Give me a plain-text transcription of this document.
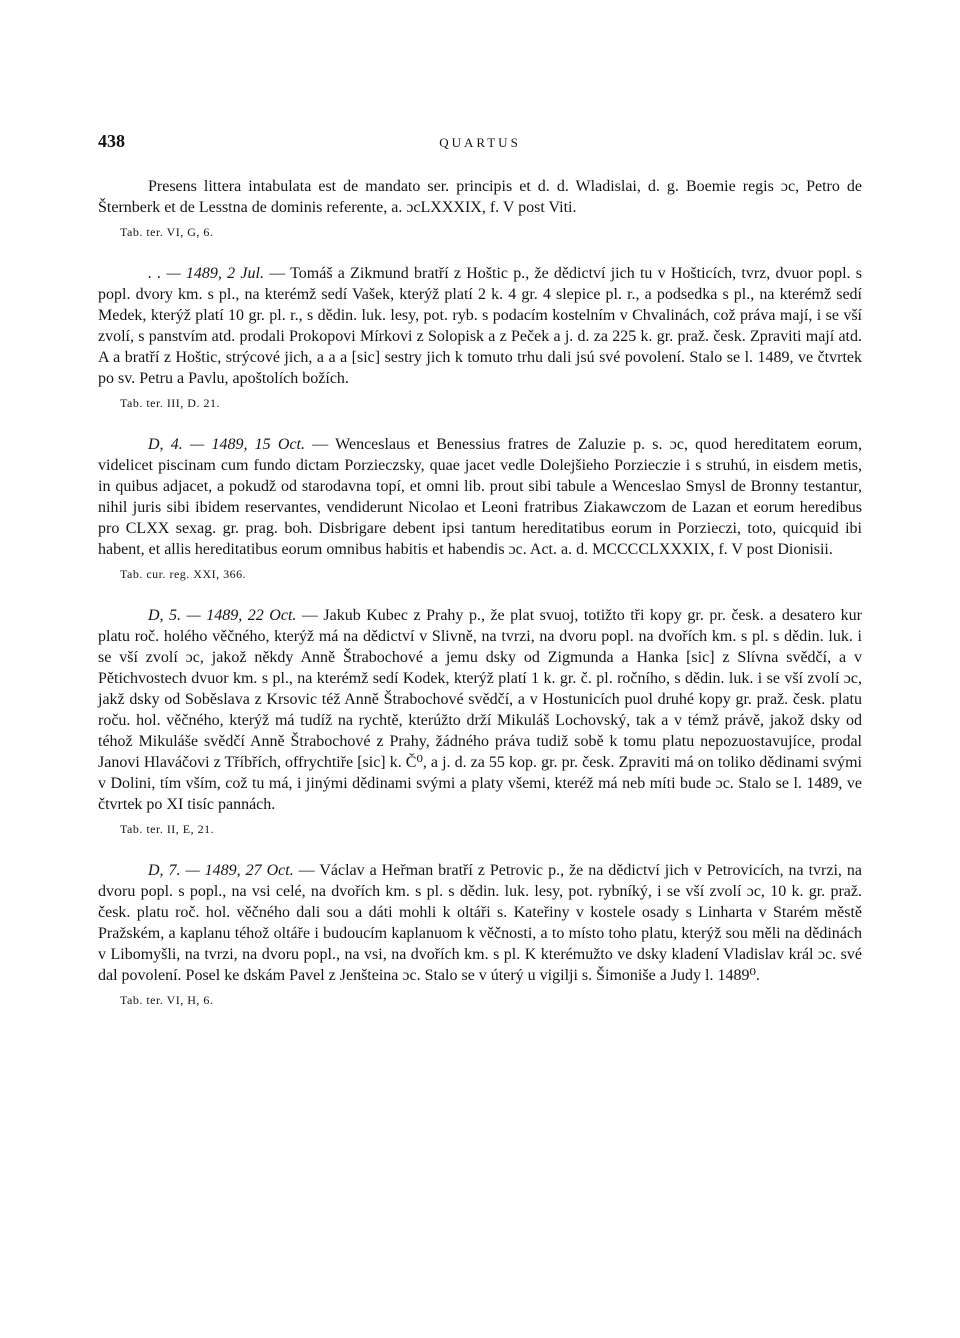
438	QUARTUS

Presens littera intabulata est de mandato ser. principis et d. d. Wladislai, d. g. Boemie regis ɔc, Petro de Šternberk et de Lesstna de dominis referente, a. ɔcLXXXIX, f. V post Viti.

Tab. ter. VI, G, 6.

. . — 1489, 2 Jul. — Tomáš a Zikmund bratří z Hoštic p., že dědictví jich tu v Hošticích, tvrz, dvuor popl. s popl. dvory km. s pl., na kterémž sedí Vašek, kterýž platí 2 k. 4 gr. 4 slepice pl. r., a podsedka s pl., na kterémž sedí Medek, kterýž platí 10 gr. pl. r., s dědin. luk. lesy, pot. ryb. s podacím kostelním v Chvalinách, což práva mají, i se vší zvolí, s panstvím atd. prodali Prokopovi Mírkovi z Solopisk a z Peček a j. d. za 225 k. gr. praž. česk. Zpraviti mají atd. A a bratří z Hoštic, strýcové jich, a a a [sic] sestry jich k tomuto trhu dali jsú své povolení. Stalo se l. 1489, ve čtvrtek po sv. Petru a Pavlu, apoštolích božích.

Tab. ter. III, D. 21.

D, 4. — 1489, 15 Oct. — Wenceslaus et Benessius fratres de Zaluzie p. s. ɔc, quod hereditatem eorum, videlicet piscinam cum fundo dictam Porzieczsky, quae jacet vedle Dolejšieho Porzieczie i s struhú, in eisdem metis, in quibus adjacet, a pokudž od starodavna topí, et omni lib. prout sibi tabule a Wenceslao Smysl de Bronny testantur, nihil juris sibi ibidem reservantes, vendiderunt Nicolao et Leoni fratribus Ziakawczom de Lazan et eorum heredibus pro CLXX sexag. gr. prag. boh. Disbrigare debent ipsi tantum hereditatibus eorum in Porzieczi, toto, quicquid ibi habent, et allis hereditatibus eorum omnibus habitis et habendis ɔc. Act. a. d. MCCCCLXXXIX, f. V post Dionisii.

Tab. cur. reg. XXI, 366.

D, 5. — 1489, 22 Oct. — Jakub Kubec z Prahy p., že plat svuoj, totižto tři kopy gr. pr. česk. a desatero kur platu roč. holého věčného, kterýž má na dědictví v Slivně, na tvrzi, na dvoru popl. na dvořích km. s pl. s dědin. luk. i se vší zvolí ɔc, jakož někdy Anně Štrabochové a jemu dsky od Zigmunda a Hanka [sic] z Slívna svědčí, a v Pětichvostech dvuor km. s pl., na kterémž sedí Kodek, kterýž platí 1 k. gr. č. pl. ročního, s dědin. luk. i se vší zvolí ɔc, jakž dsky od Soběslava z Krsovic též Anně Štrabochové svědčí, a v Hostunicích puol druhé kopy gr. praž. česk. platu roču. hol. věčného, kterýž má tudíž na rychtě, kterúžto drží Mikuláš Lochovský, tak a v témž právě, jakož dsky od téhož Mikuláše svědčí Anně Štrabochové z Prahy, žádného práva tudiž sobě k tomu platu nepozuostavujíce, prodal Janovi Hlaváčovi z Tříbřích, offrychtiře [sic] k. Č⁰, a j. d. za 55 kop. gr. pr. česk. Zpraviti má on toliko dědinami svými v Dolini, tím vším, což tu má, i jinými dědinami svými a platy všemi, kteréž má neb míti bude ɔc. Stalo se l. 1489, ve čtvrtek po XI tisíc pannách.

Tab. ter. II, E, 21.

D, 7. — 1489, 27 Oct. — Václav a Heřman bratří z Petrovic p., že na dědictví jich v Petrovicích, na tvrzi, na dvoru popl. s popl., na vsi celé, na dvořích km. s pl. s dědin. luk. lesy, pot. rybníký, i se vší zvolí ɔc, 10 k. gr. praž. česk. platu roč. hol. věčného dali sou a dáti mohli k oltáři s. Kateřiny v kostele osady s Linharta v Starém městě Pražském, a kaplanu téhož oltáře i budoucím kaplanuom k věčnosti, a to místo toho platu, kterýž sou měli na dědinách v Libomyšli, na tvrzi, na dvoru popl., na vsi, na dvořích km. s pl. K kterémužto ve dsky kladení Vladislav král ɔc. své dal povolení. Posel ke dskám Pavel z Jenšteina ɔc. Stalo se v úterý u vigilji s. Šimoniše a Judy l. 1489⁰.

Tab. ter. VI, H, 6.
